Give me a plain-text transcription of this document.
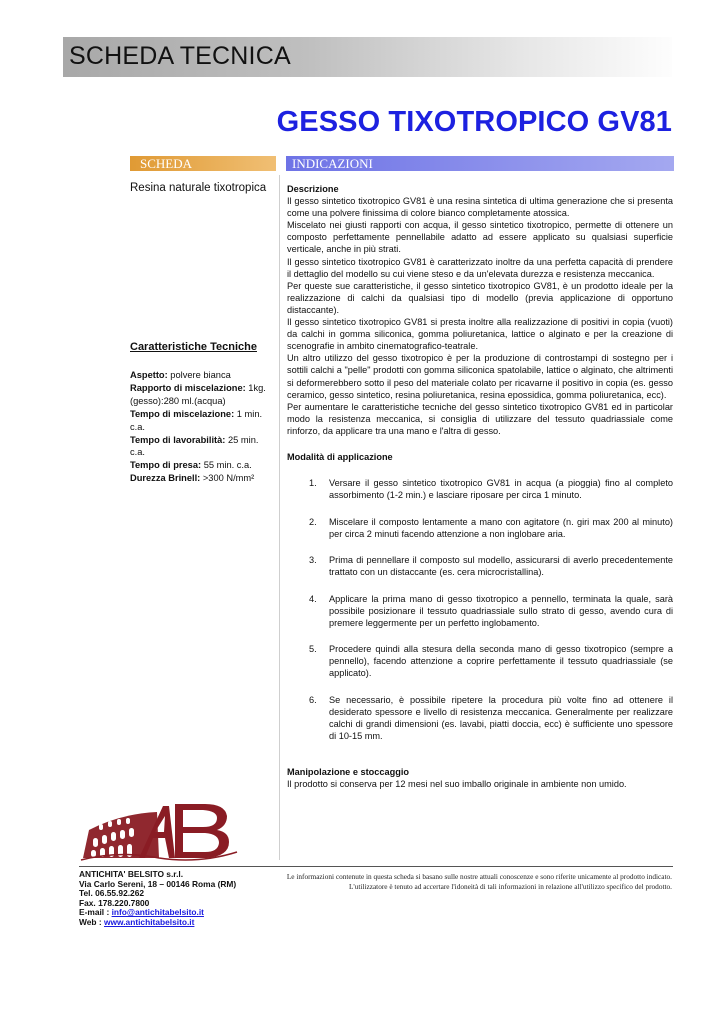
SCHEDA TECNICA
GESSO TIXOTROPICO GV81
SCHEDA	INDICAZIONI
Resina naturale tixotropica
Caratteristiche Tecniche
Aspetto: polvere bianca
Rapporto di miscelazione: 1kg.(gesso):280 ml.(acqua)
Tempo di miscelazione: 1 min. c.a.
Tempo di lavorabilità: 25 min. c.a.
Tempo di presa: 55 min. c.a.
Durezza Brinell: >300 N/mm²

Descrizione

Il gesso sintetico tixotropico GV81 è una resina sintetica di ultima generazione che si presenta come una polvere finissima di colore bianco completamente atossica.

Miscelato nei giusti rapporti con acqua, il gesso sintetico tixotropico, permette di ottenere un composto perfettamente pennellabile adatto ad essere applicato su qualsiasi superficie verticale, anche in più strati.

Il gesso sintetico tixotropico GV81 è caratterizzato inoltre da una perfetta capacità di prendere il dettaglio del modello su cui viene steso e da un'elevata durezza e resistenza meccanica.

Per queste sue caratteristiche, il gesso sintetico tixotropico GV81, è un prodotto ideale per la realizzazione di calchi da qualsiasi tipo di modello (previa applicazione di opportuno distaccante).

Il gesso sintetico tixotropico GV81 si presta inoltre alla realizzazione di positivi in copia (vuoti) da calchi in gomma siliconica, gomma poliuretanica, lattice o alginato e per la creazione di scenografie in ambito cinematografico-teatrale.

Un altro utilizzo del gesso tixotropico è per la produzione di controstampi di sostegno per i sottili calchi a "pelle" prodotti con gomma siliconica spatolabile, lattice o alginato, che altrimenti si deformerebbero sotto il peso del materiale colato per ricavarne il positivo in copia (es. gesso ceramico, gesso sintetico, resina poliuretanica, resina epossidica, gomma poliuretanica, ecc).

Per aumentare le caratteristiche tecniche del gesso sintetico tixotropico GV81 ed in particolar modo la resistenza meccanica, si consiglia di utilizzare del tessuto quadriassiale come rinforzo, da applicare tra una mano e l'altra di gesso.

Modalità di applicazione

1. Versare il gesso sintetico tixotropico GV81 in acqua (a pioggia) fino al completo assorbimento (1-2 min.) e lasciare riposare per circa 1 minuto.
2. Miscelare il composto lentamente a mano con agitatore (n. giri max 200 al minuto) per circa 2 minuti facendo attenzione a non inglobare aria.
3. Prima di pennellare il composto sul modello, assicurarsi di averlo precedentemente trattato con un distaccante (es. cera microcristallina).
4. Applicare la prima mano di gesso tixotropico a pennello, terminata la quale, sarà possibile posizionare il tessuto quadriassiale sullo strato di gesso, avendo cura di premere leggermente per un perfetto inglobamento.
5. Procedere quindi alla stesura della seconda mano di gesso tixotropico (sempre a pennello), facendo attenzione a coprire perfettamente il tessuto quadriassiale (se applicato).
6. Se necessario, è possibile ripetere la procedura più volte fino ad ottenere il desiderato spessore e livello di resistenza meccanica. Generalmente per realizzare calchi di grandi dimensioni (es. lavabi, piatti doccia, ecc) è sufficiente uno spessore di 10-15 mm.

Manipolazione e stoccaggio

Il prodotto si conserva per 12 mesi nel suo imballo originale in ambiente non umido.

ANTICHITA' BELSITO s.r.l.
Via Carlo Sereni, 18 – 00146 Roma (RM)
Tel. 06.55.92.262
Fax. 178.220.7800
E-mail : info@antichitabelsito.it
Web : www.antichitabelsito.it
Le informazioni contenute in questa scheda si basano sulle nostre attuali conoscenze e sono riferite unicamente al prodotto indicato.
L'utilizzatore è tenuto ad accertare l'idoneità di tali informazioni in relazione all'utilizzo specifico del prodotto.
